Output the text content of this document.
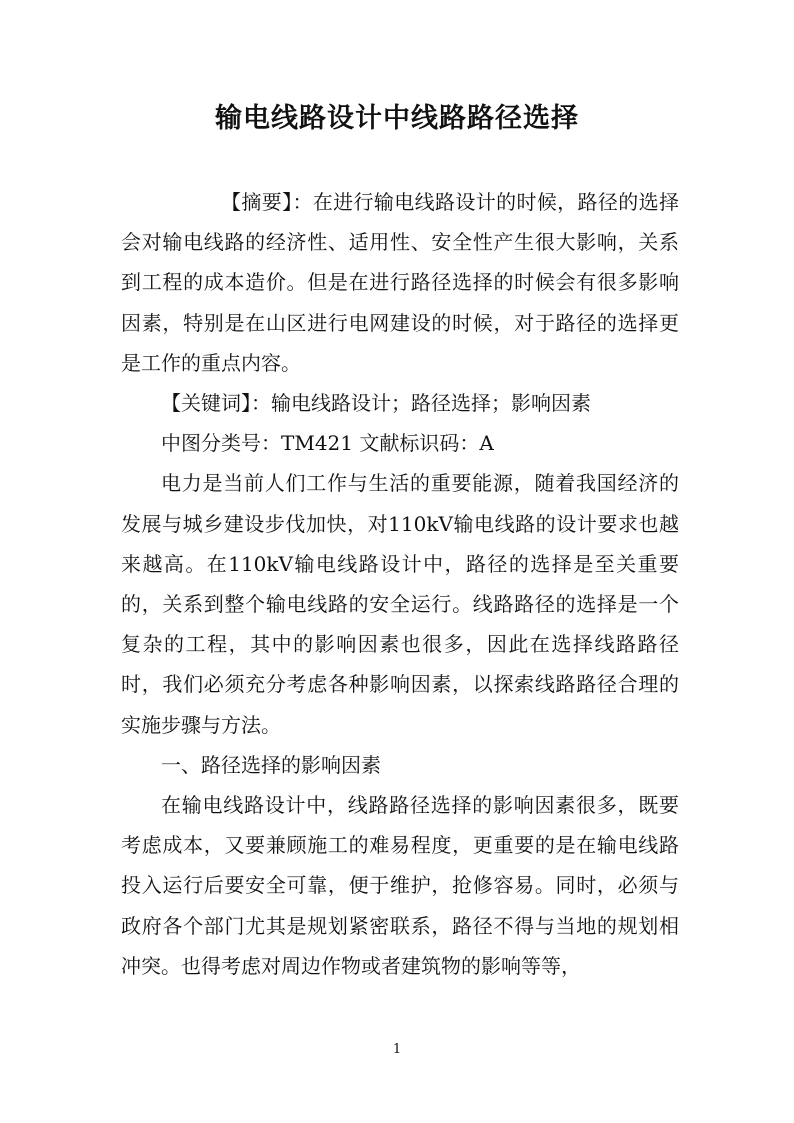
输电线路设计中线路路径选择

【摘要】：在进行输电线路设计的时候，路径的选择会对输电线路的经济性、适用性、安全性产生很大影响，关系到工程的成本造价。但是在进行路径选择的时候会有很多影响因素，特别是在山区进行电网建设的时候，对于路径的选择更是工作的重点内容。

【关键词】：输电线路设计；路径选择；影响因素

中图分类号：TM421 文献标识码：A

电力是当前人们工作与生活的重要能源，随着我国经济的发展与城乡建设步伐加快，对110kV输电线路的设计要求也越来越高。在110kV输电线路设计中，路径的选择是至关重要的，关系到整个输电线路的安全运行。线路路径的选择是一个复杂的工程，其中的影响因素也很多，因此在选择线路路径时，我们必须充分考虑各种影响因素，以探索线路路径合理的实施步骤与方法。

一、路径选择的影响因素

在输电线路设计中，线路路径选择的影响因素很多，既要考虑成本，又要兼顾施工的难易程度，更重要的是在输电线路投入运行后要安全可靠，便于维护，抢修容易。同时，必须与政府各个部门尤其是规划紧密联系，路径不得与当地的规划相冲突。也得考虑对周边作物或者建筑物的影响等等，

1
